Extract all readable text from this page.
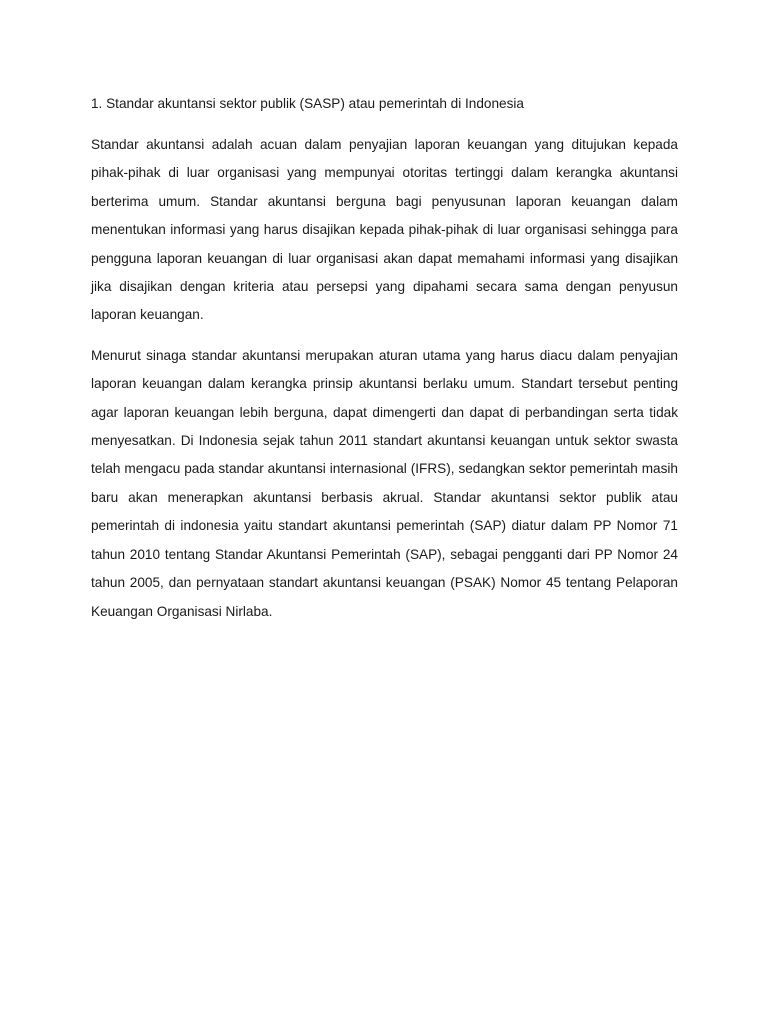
1. Standar akuntansi sektor publik (SASP) atau pemerintah di Indonesia

Standar akuntansi adalah acuan dalam penyajian laporan keuangan yang ditujukan kepada pihak-pihak di luar organisasi yang mempunyai otoritas tertinggi dalam kerangka akuntansi berterima umum. Standar akuntansi berguna bagi penyusunan laporan keuangan dalam menentukan informasi yang harus disajikan kepada pihak-pihak di luar organisasi sehingga para pengguna laporan keuangan di luar organisasi akan dapat memahami informasi yang disajikan jika disajikan dengan kriteria atau persepsi yang dipahami secara sama dengan penyusun laporan keuangan.

Menurut sinaga standar akuntansi merupakan aturan utama yang harus diacu dalam penyajian laporan keuangan dalam kerangka prinsip akuntansi berlaku umum. Standart tersebut penting agar laporan keuangan lebih berguna, dapat dimengerti dan dapat di perbandingan serta tidak menyesatkan. Di Indonesia sejak tahun 2011 standart akuntansi keuangan untuk sektor swasta telah mengacu pada standar akuntansi internasional (IFRS), sedangkan sektor pemerintah masih baru akan menerapkan akuntansi berbasis akrual. Standar akuntansi sektor publik atau pemerintah di indonesia yaitu standart akuntansi pemerintah (SAP) diatur dalam PP Nomor 71 tahun 2010 tentang Standar Akuntansi Pemerintah (SAP), sebagai pengganti dari PP Nomor 24 tahun 2005, dan pernyataan standart akuntansi keuangan (PSAK) Nomor 45 tentang Pelaporan Keuangan Organisasi Nirlaba.
